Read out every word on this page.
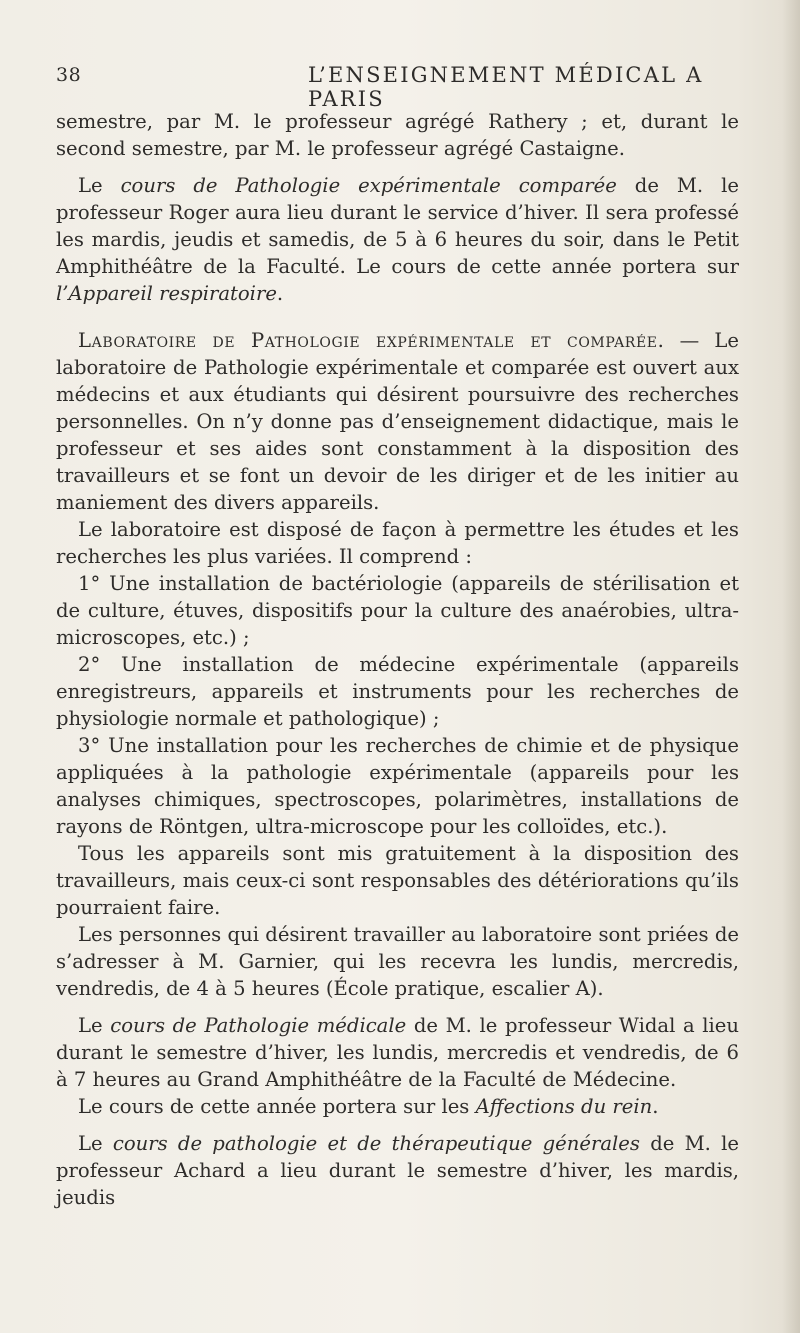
38	L’ENSEIGNEMENT MÉDICAL A PARIS

semestre, par M. le professeur agrégé Rathery ; et, durant le second semestre, par M. le professeur agrégé Castaigne.

Le cours de Pathologie expérimentale comparée de M. le professeur Roger aura lieu durant le service d’hiver. Il sera professé les mardis, jeudis et samedis, de 5 à 6 heures du soir, dans le Petit Amphithéâtre de la Faculté. Le cours de cette année portera sur l’Appareil respiratoire.

Laboratoire de Pathologie expérimentale et comparée. — Le laboratoire de Pathologie expérimentale et comparée est ouvert aux médecins et aux étudiants qui désirent poursuivre des recherches personnelles. On n’y donne pas d’enseignement didactique, mais le professeur et ses aides sont constamment à la disposition des travailleurs et se font un devoir de les diriger et de les initier au maniement des divers appareils.

Le laboratoire est disposé de façon à permettre les études et les recherches les plus variées. Il comprend :

1° Une installation de bactériologie (appareils de stérilisation et de culture, étuves, dispositifs pour la culture des anaérobies, ultra-microscopes, etc.) ;

2° Une installation de médecine expérimentale (appareils enregistreurs, appareils et instruments pour les recherches de physiologie normale et pathologique) ;

3° Une installation pour les recherches de chimie et de physique appliquées à la pathologie expérimentale (appareils pour les analyses chimiques, spectroscopes, polarimètres, installations de rayons de Röntgen, ultra-microscope pour les colloïdes, etc.).

Tous les appareils sont mis gratuitement à la disposition des travailleurs, mais ceux-ci sont responsables des détériorations qu’ils pourraient faire.

Les personnes qui désirent travailler au laboratoire sont priées de s’adresser à M. Garnier, qui les recevra les lundis, mercredis, vendredis, de 4 à 5 heures (École pratique, escalier A).

Le cours de Pathologie médicale de M. le professeur Widal a lieu durant le semestre d’hiver, les lundis, mercredis et vendredis, de 6 à 7 heures au Grand Amphithéâtre de la Faculté de Médecine.

Le cours de cette année portera sur les Affections du rein.

Le cours de pathologie et de thérapeutique générales de M. le professeur Achard a lieu durant le semestre d’hiver, les mardis, jeudis
